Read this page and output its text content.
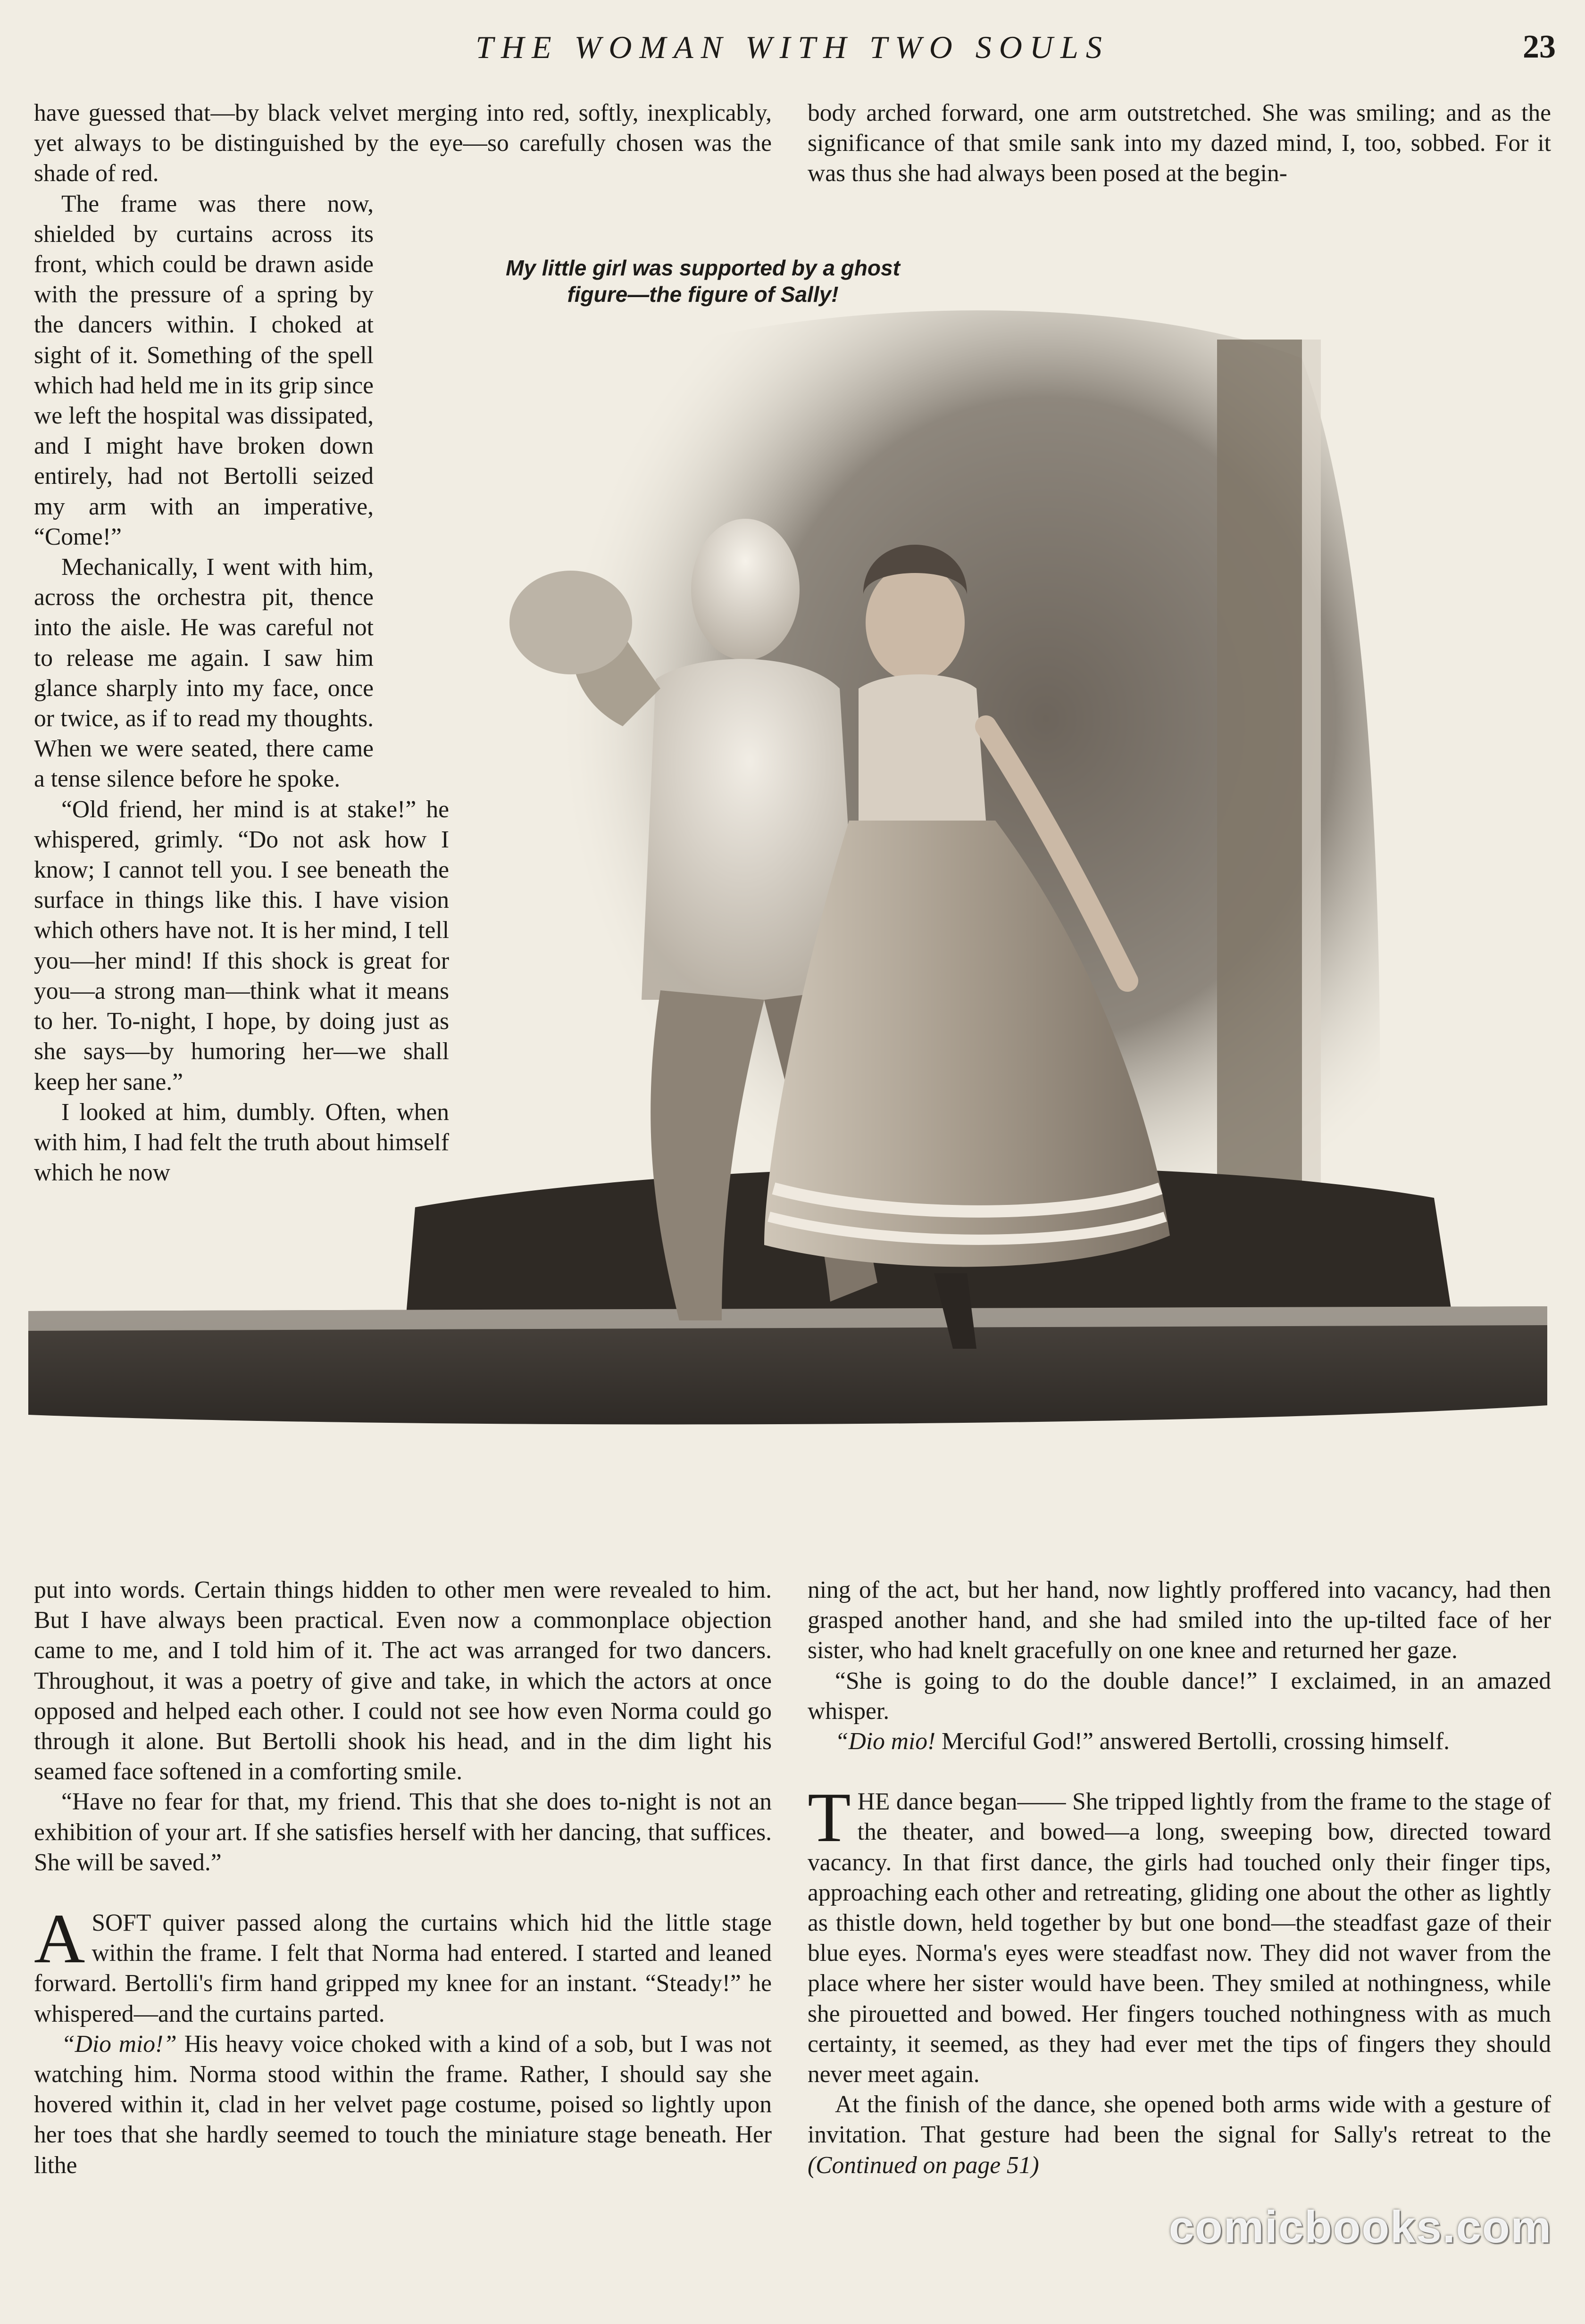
THE WOMAN WITH TWO SOULS	23
My little girl was supported by a ghost figure—the figure of Sally!

have guessed that—by black velvet merging into red, softly, inexplicably, yet always to be distinguished by the eye—so carefully chosen was the shade of red.

The frame was there now, shielded by curtains across its front, which could be drawn aside with the pressure of a spring by the dancers within. I choked at sight of it. Something of the spell which had held me in its grip since we left the hospital was dissipated, and I might have broken down entirely, had not Bertolli seized my arm with an imperative, “Come!”

Mechanically, I went with him, across the orchestra pit, thence into the aisle. He was careful not to release me again. I saw him glance sharply into my face, once or twice, as if to read my thoughts. When we were seated, there came a tense silence before he spoke.

“Old friend, her mind is at stake!” he whispered, grimly. “Do not ask how I know; I cannot tell you. I see beneath the surface in things like this. I have vision which others have not. It is her mind, I tell you—her mind! If this shock is great for you—a strong man—think what it means to her. To-night, I hope, by doing just as she says—by humoring her—we shall keep her sane.”

I looked at him, dumbly. Often, when with him, I had felt the truth about himself which he now

body arched forward, one arm outstretched. She was smiling; and as the significance of that smile sank into my dazed mind, I, too, sobbed. For it was thus she had always been posed at the begin-

put into words. Certain things hidden to other men were revealed to him. But I have always been practical. Even now a commonplace objection came to me, and I told him of it. The act was arranged for two dancers. Throughout, it was a poetry of give and take, in which the actors at once opposed and helped each other. I could not see how even Norma could go through it alone. But Bertolli shook his head, and in the dim light his seamed face softened in a comforting smile.

“Have no fear for that, my friend. This that she does to-night is not an exhibition of your art. If she satisfies herself with her dancing, that suffices. She will be saved.”

ASOFT quiver passed along the curtains which hid the little stage within the frame. I felt that Norma had entered. I started and leaned forward. Bertolli's firm hand gripped my knee for an instant. “Steady!” he whispered—and the curtains parted.

“Dio mio!” His heavy voice choked with a kind of a sob, but I was not watching him. Norma stood within the frame. Rather, I should say she hovered within it, clad in her velvet page costume, poised so lightly upon her toes that she hardly seemed to touch the miniature stage beneath. Her lithe

ning of the act, but her hand, now lightly proffered into vacancy, had then grasped another hand, and she had smiled into the up-tilted face of her sister, who had knelt gracefully on one knee and returned her gaze.

“She is going to do the double dance!” I exclaimed, in an amazed whisper.

“Dio mio! Merciful God!” answered Bertolli, crossing himself.

THE dance began—— She tripped lightly from the frame to the stage of the theater, and bowed—a long, sweeping bow, directed toward vacancy. In that first dance, the girls had touched only their finger tips, approaching each other and retreating, gliding one about the other as lightly as thistle down, held together by but one bond—the steadfast gaze of their blue eyes. Norma's eyes were steadfast now. They did not waver from the place where her sister would have been. They smiled at nothingness, while she pirouetted and bowed. Her fingers touched nothingness with as much certainty, it seemed, as they had ever met the tips of fingers they should never meet again.

At the finish of the dance, she opened both arms wide with a gesture of invitation. That gesture had been the signal for Sally's retreat to the (Continued on page 51)

comicbooks.com
